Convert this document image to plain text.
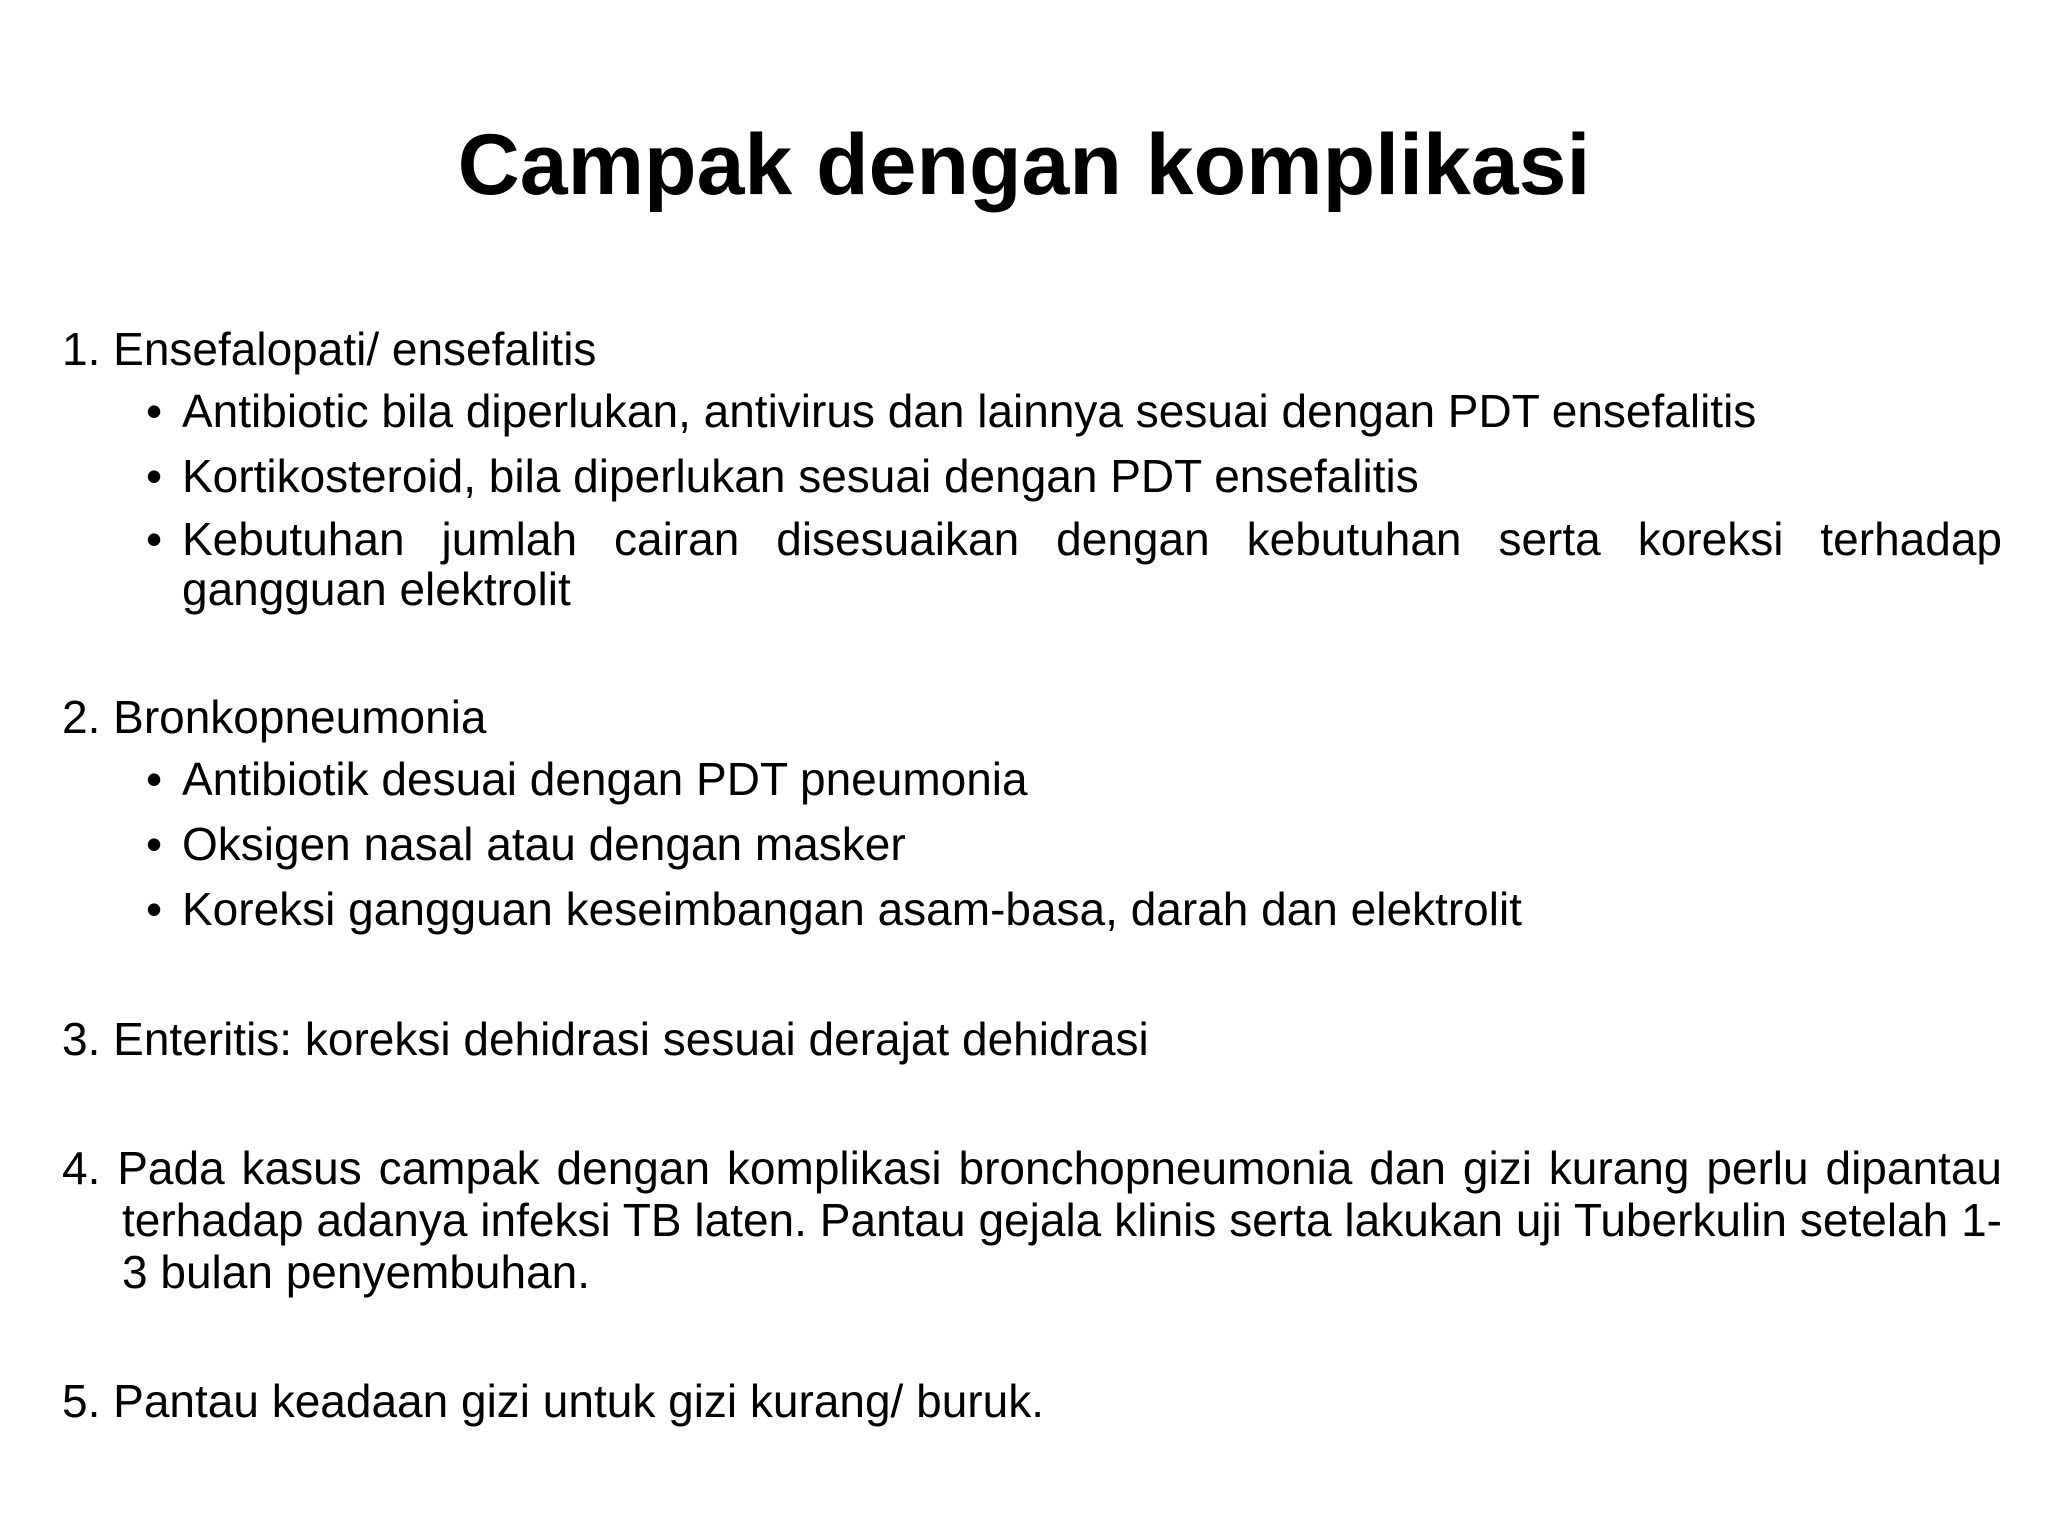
Campak dengan komplikasi
1. Ensefalopati/ ensefalitis
• Antibiotic bila diperlukan, antivirus dan lainnya sesuai dengan PDT ensefalitis
• Kortikosteroid, bila diperlukan sesuai dengan PDT ensefalitis
• Kebutuhan jumlah cairan disesuaikan dengan kebutuhan serta koreksi terhadap gangguan elektrolit
2. Bronkopneumonia
• Antibiotik desuai dengan PDT pneumonia
• Oksigen nasal atau dengan masker
• Koreksi gangguan keseimbangan asam-basa, darah dan elektrolit
3. Enteritis: koreksi dehidrasi sesuai derajat dehidrasi
4. Pada kasus campak dengan komplikasi bronchopneumonia dan gizi kurang perlu dipantau terhadap adanya infeksi TB laten. Pantau gejala klinis serta lakukan uji Tuberkulin setelah 1-3 bulan penyembuhan.
5. Pantau keadaan gizi untuk gizi kurang/ buruk.
